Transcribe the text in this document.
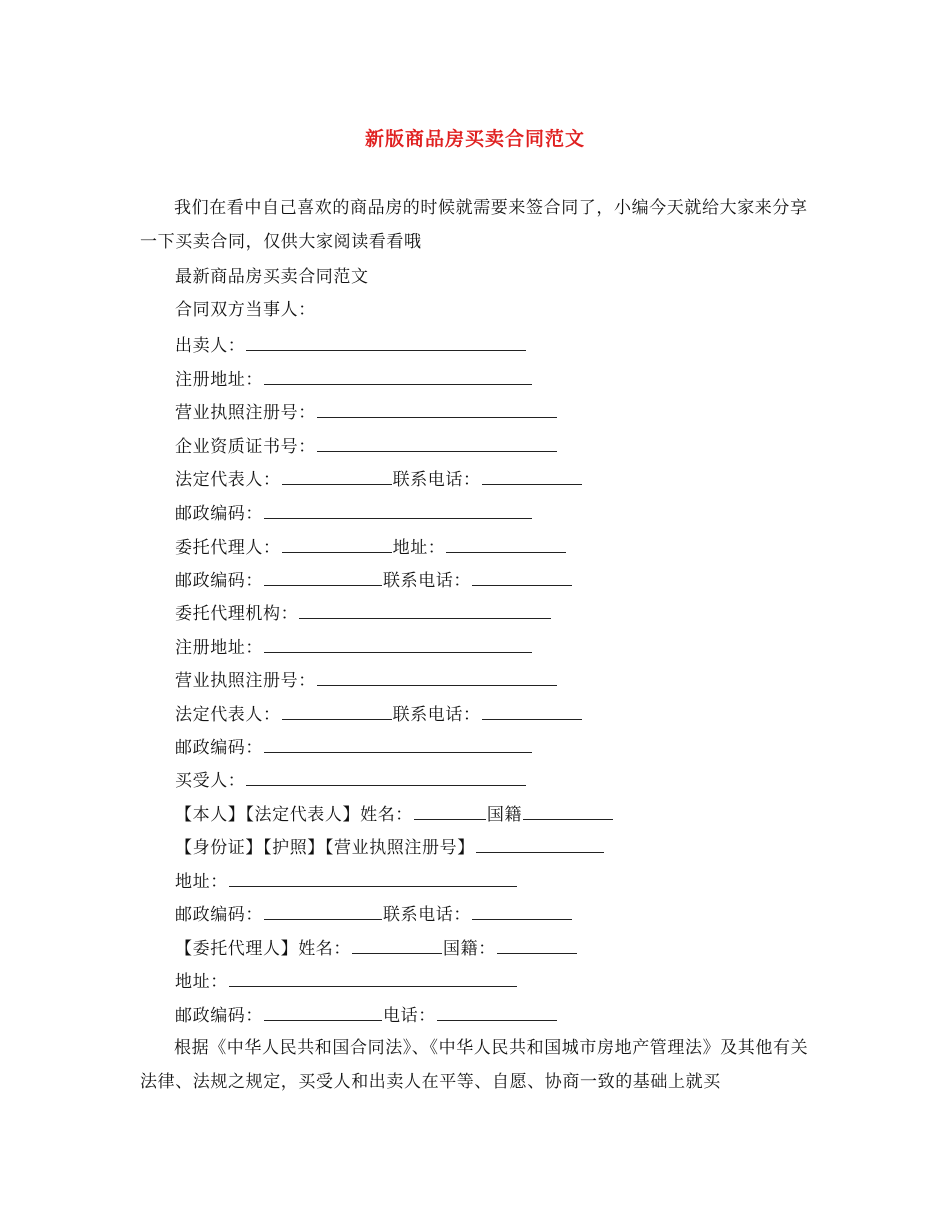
新版商品房买卖合同范文
我们在看中自己喜欢的商品房的时候就需要来签合同了，小编今天就给大家来分享一下买卖合同，仅供大家阅读看看哦
最新商品房买卖合同范文
合同双方当事人：
出卖人：
注册地址：
营业执照注册号：
企业资质证书号：
法定代表人：	联系电话：
邮政编码：
委托代理人：	地址：
邮政编码：	联系电话：
委托代理机构：
注册地址：
营业执照注册号：
法定代表人：	联系电话：
邮政编码：
买受人：
【本人】【法定代表人】姓名：	国籍
【身份证】【护照】【营业执照注册号】
地址：
邮政编码：	联系电话：
【委托代理人】姓名：	国籍：
地址：
邮政编码：	电话：
根据《中华人民共和国合同法》、《中华人民共和国城市房地产管理法》及其他有关法律、法规之规定，买受人和出卖人在平等、自愿、协商一致的基础上就买
